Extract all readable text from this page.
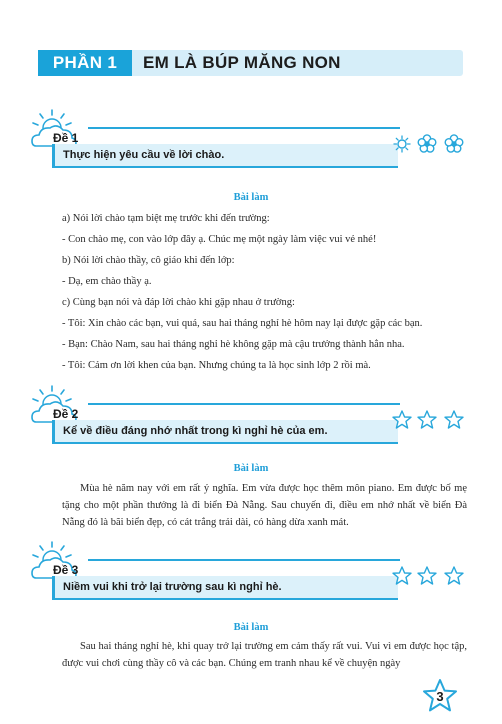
PHẦN 1	EM LÀ BÚP MĂNG NON
Đề 1
Thực hiện yêu cầu về lời chào.
Bài làm
a) Nói lời chào tạm biệt mẹ trước khi đến trường:
- Con chào mẹ, con vào lớp đây ạ. Chúc mẹ một ngày làm việc vui vẻ nhé!
b) Nói lời chào thầy, cô giáo khi đến lớp:
- Dạ, em chào thầy ạ.
c) Cùng bạn nói và đáp lời chào khi gặp nhau ở trường:
- Tôi: Xin chào các bạn, vui quá, sau hai tháng nghỉ hè hôm nay lại được gặp các bạn.
- Bạn: Chào Nam, sau hai tháng nghỉ hè không gặp mà cậu trưởng thành hẳn nha.
- Tôi: Cảm ơn lời khen của bạn. Nhưng chúng ta là học sinh lớp 2 rồi mà.
Đề 2
Kể về điều đáng nhớ nhất trong kì nghỉ hè của em.
Bài làm
Mùa hè năm nay với em rất ý nghĩa. Em vừa được học thêm môn piano. Em được bố mẹ tặng cho một phần thưởng là đi biển Đà Nẵng. Sau chuyến đi, điều em nhớ nhất về biển Đà Nẵng đó là bãi biển đẹp, có cát trắng trải dài, có hàng dừa xanh mát.
Đề 3
Niềm vui khi trở lại trường sau kì nghỉ hè.
Bài làm
Sau hai tháng nghỉ hè, khi quay trở lại trường em cảm thấy rất vui. Vui vì em được học tập, được vui chơi cùng thầy cô và các bạn. Chúng em tranh nhau kể về chuyện ngày
3
